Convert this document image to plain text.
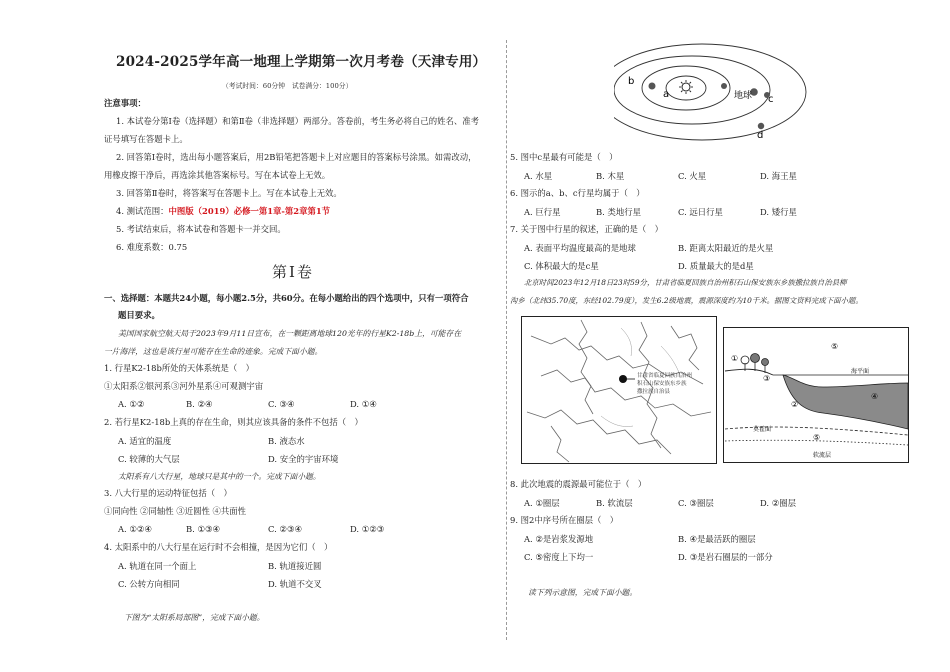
2024-2025学年高一地理上学期第一次月考卷（天津专用）
（考试时间：60分钟　试卷满分：100分）
注意事项：
1. 本试卷分第Ⅰ卷（选择题）和第Ⅱ卷（非选择题）两部分。答卷前，考生务必将自己的姓名、准考
证号填写在答题卡上。
2. 回答第Ⅰ卷时，选出每小题答案后，用2B铅笔把答题卡上对应题目的答案标号涂黑。如需改动，
用橡皮擦干净后，再选涂其他答案标号。写在本试卷上无效。
3. 回答第Ⅱ卷时，将答案写在答题卡上。写在本试卷上无效。
4. 测试范围：中图版（2019）必修一第1章-第2章第1节
5. 考试结束后，将本试卷和答题卡一并交回。
6. 难度系数：0.75
第Ⅰ卷
一、选择题：本题共24小题，每小题2.5分，共60分。在每小题给出的四个选项中，只有一项符合
题目要求。
美国国家航空航天局于2023年9月11日宣布，在一颗距离地球120光年的行星K2-18b上，可能存在
一片海洋，这也是该行星可能存在生命的迹象。完成下面小题。
1. 行星K2-18b所处的天体系统是（　）
①太阳系②银河系③河外星系④可观测宇宙
A. ①②	B. ②④	C. ③④	D. ①④
2. 若行星K2-18b上真的存在生命，则其应该具备的条件不包括（　）
A. 适宜的温度	B. 液态水
C. 较薄的大气层	D. 安全的宇宙环境
太阳系有八大行星，地球只是其中的一个。完成下面小题。
3. 八大行星的运动特征包括（　）
①同向性 ②同轴性 ③近圆性 ④共面性
A. ①②④	B. ①③④	C. ②③④	D. ①②③
4. 太阳系中的八大行星在运行时不会相撞，是因为它们（　）
A. 轨道在同一个面上	B. 轨道接近圆
C. 公转方向相同	D. 轨道不交叉
下图为“太阳系局部图”，完成下面小题。
a
b
地球 c
d
5. 图中c星最有可能是（　）
A. 水星	B. 木星	C. 火星	D. 海王星
6. 图示的a、b、c行星均属于（　）
A. 巨行星	B. 类地行星	C. 远日行星	D. 矮行星
7. 关于图中行星的叙述，正确的是（　）
A. 表面平均温度最高的是地球	B. 距离太阳最近的是火星
C. 体积最大的是c星	D. 质量最大的是d星
北京时间2023年12月18日23时59分，甘肃省临夏回族自治州积石山保安族东乡族撒拉族自治县柳
沟乡（北纬35.70度，东经102.79度），发生6.2级地震，震源深度约为10千米。据图文资料完成下面小题。
甘肃省临夏回族自治州
积石山保安族东乡族
撒拉族自治县
①
②
③
④
⑤
⑤
海平面
莫霍面
软流层
8. 此次地震的震源最可能位于（　）
A. ①圈层	B. 软流层	C. ③圈层	D. ②圈层
9. 图2中序号所在圈层（　）
A. ②是岩浆发源地	B. ④是最活跃的圈层
C. ⑤密度上下均一	D. ③是岩石圈层的一部分
读下列示意图，完成下面小题。
